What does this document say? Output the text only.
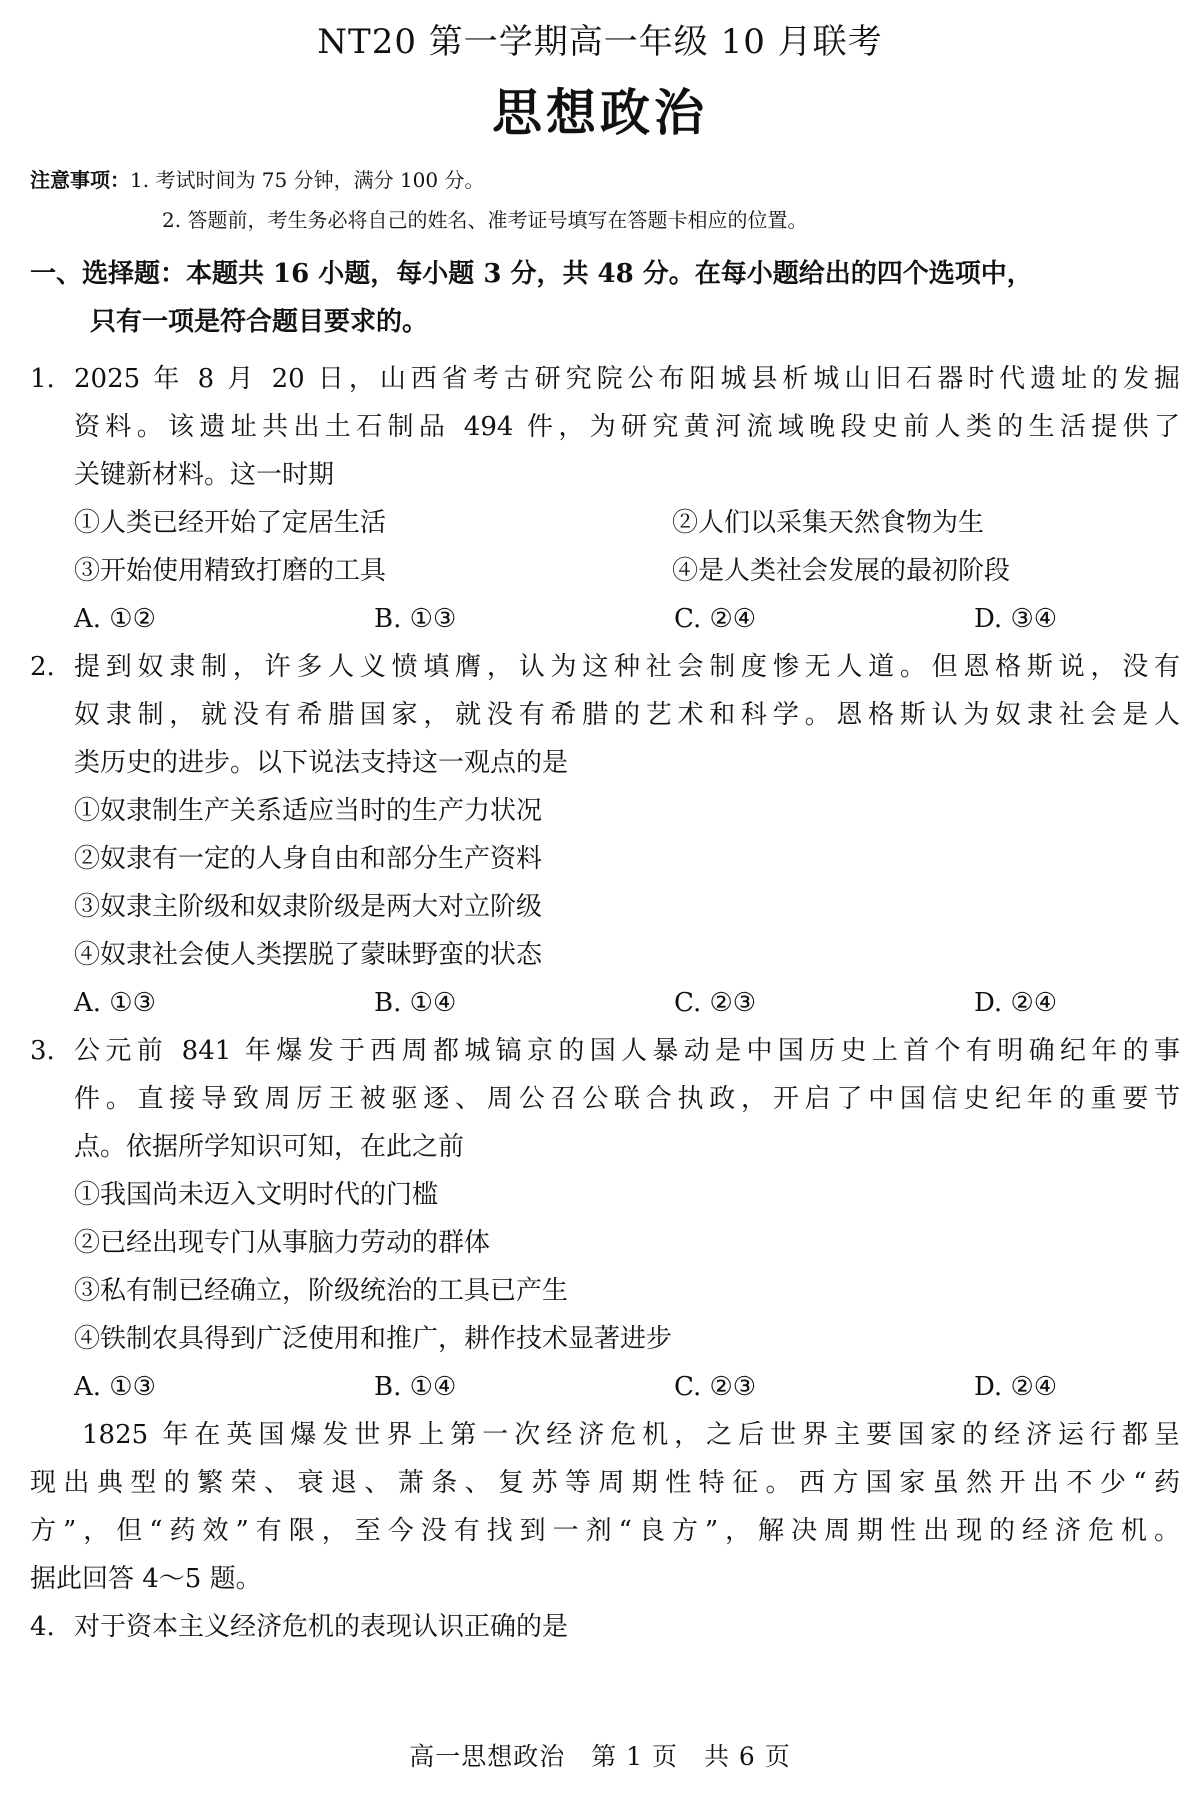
NT20 第一学期高一年级 10 月联考
思想政治
注意事项：1. 考试时间为 75 分钟，满分 100 分。
2. 答题前，考生务必将自己的姓名、准考证号填写在答题卡相应的位置。
一、选择题：本题共 16 小题，每小题 3 分，共 48 分。在每小题给出的四个选项中，
只有一项是符合题目要求的。
1. 2025 年 8 月 20 日，山西省考古研究院公布阳城县析城山旧石器时代遗址的发掘
资料。该遗址共出土石制品 494 件，为研究黄河流域晚段史前人类的生活提供了
关键新材料。这一时期
①人类已经开始了定居生活	②人们以采集天然食物为生
③开始使用精致打磨的工具	④是人类社会发展的最初阶段
A. ①②	B. ①③	C. ②④	D. ③④
2. 提到奴隶制，许多人义愤填膺，认为这种社会制度惨无人道。但恩格斯说，没有
奴隶制，就没有希腊国家，就没有希腊的艺术和科学。恩格斯认为奴隶社会是人
类历史的进步。以下说法支持这一观点的是
①奴隶制生产关系适应当时的生产力状况
②奴隶有一定的人身自由和部分生产资料
③奴隶主阶级和奴隶阶级是两大对立阶级
④奴隶社会使人类摆脱了蒙昧野蛮的状态
A. ①③	B. ①④	C. ②③	D. ②④
3. 公元前 841 年爆发于西周都城镐京的国人暴动是中国历史上首个有明确纪年的事
件。直接导致周厉王被驱逐、周公召公联合执政，开启了中国信史纪年的重要节
点。依据所学知识可知，在此之前
①我国尚未迈入文明时代的门槛
②已经出现专门从事脑力劳动的群体
③私有制已经确立，阶级统治的工具已产生
④铁制农具得到广泛使用和推广，耕作技术显著进步
A. ①③	B. ①④	C. ②③	D. ②④
1825 年在英国爆发世界上第一次经济危机，之后世界主要国家的经济运行都呈
现出典型的繁荣、衰退、萧条、复苏等周期性特征。西方国家虽然开出不少“药
方”，但“药效”有限，至今没有找到一剂“良方”，解决周期性出现的经济危机。
据此回答 4～5 题。
4. 对于资本主义经济危机的表现认识正确的是
高一思想政治　第 1 页　共 6 页
